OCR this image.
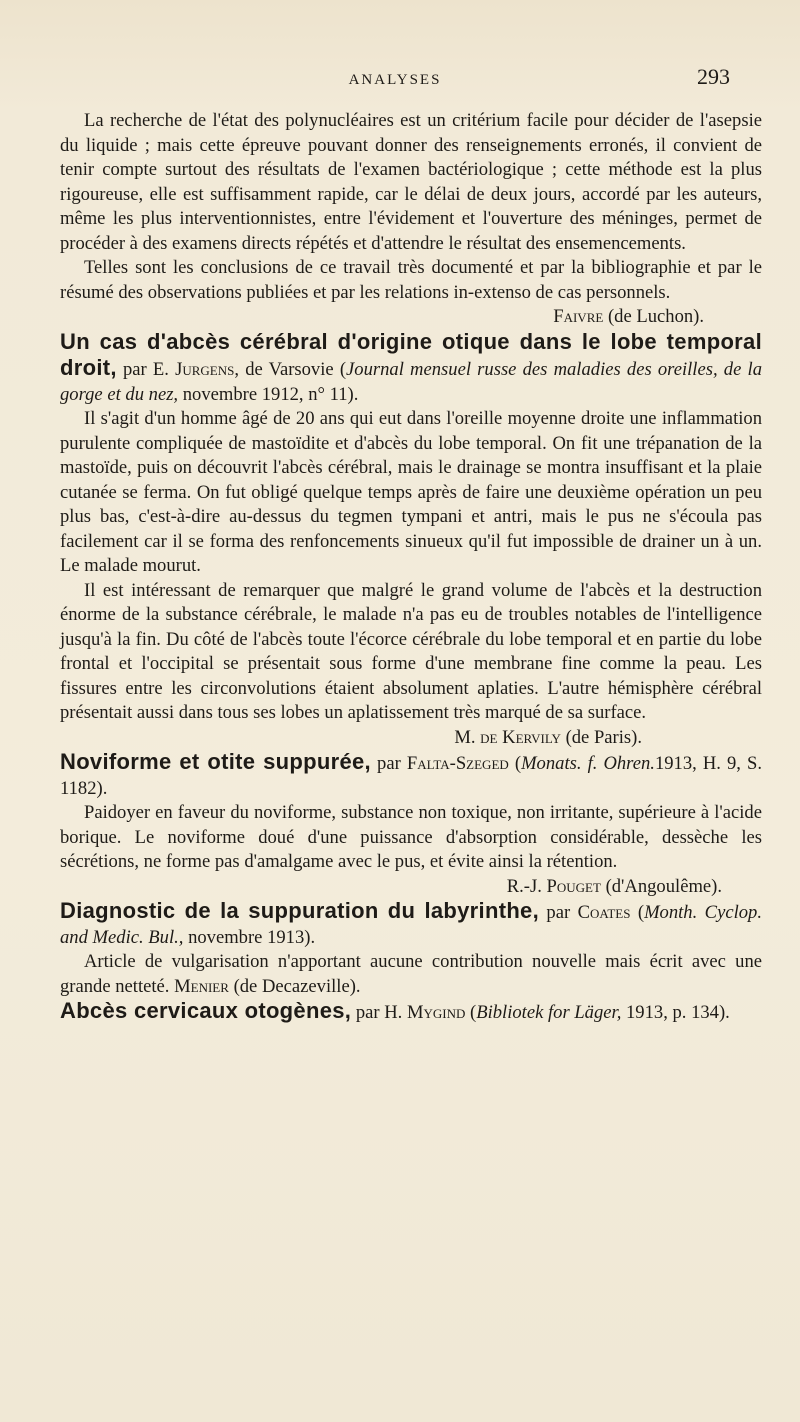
ANALYSES	293

La recherche de l'état des polynucléaires est un critérium facile pour décider de l'asepsie du liquide ; mais cette épreuve pouvant donner des renseignements erronés, il convient de tenir compte surtout des résultats de l'examen bactériologique ; cette méthode est la plus rigoureuse, elle est suffisamment rapide, car le délai de deux jours, accordé par les auteurs, même les plus interventionnistes, entre l'évidement et l'ouverture des méninges, permet de procéder à des examens directs répétés et d'attendre le résultat des ensemencements.

Telles sont les conclusions de ce travail très documenté et par la bibliographie et par le résumé des observations publiées et par les relations in-extenso de cas personnels.

Faivre (de Luchon).

Un cas d'abcès cérébral d'origine otique dans le lobe temporal droit, par E. Jurgens, de Varsovie (Journal mensuel russe des maladies des oreilles, de la gorge et du nez, novembre 1912, n° 11).

Il s'agit d'un homme âgé de 20 ans qui eut dans l'oreille moyenne droite une inflammation purulente compliquée de mastoïdite et d'abcès du lobe temporal. On fit une trépanation de la mastoïde, puis on découvrit l'abcès cérébral, mais le drainage se montra insuffisant et la plaie cutanée se ferma. On fut obligé quelque temps après de faire une deuxième opération un peu plus bas, c'est-à-dire au-dessus du tegmen tympani et antri, mais le pus ne s'écoula pas facilement car il se forma des renfoncements sinueux qu'il fut impossible de drainer un à un. Le malade mourut.

Il est intéressant de remarquer que malgré le grand volume de l'abcès et la destruction énorme de la substance cérébrale, le malade n'a pas eu de troubles notables de l'intelligence jusqu'à la fin. Du côté de l'abcès toute l'écorce cérébrale du lobe temporal et en partie du lobe frontal et l'occipital se présentait sous forme d'une membrane fine comme la peau. Les fissures entre les circonvolutions étaient absolument aplaties. L'autre hémisphère cérébral présentait aussi dans tous ses lobes un aplatissement très marqué de sa surface.

M. de Kervily (de Paris).

Noviforme et otite suppurée, par Falta-Szeged (Monats. f. Ohren.1913, H. 9, S. 1182).

Paidoyer en faveur du noviforme, substance non toxique, non irritante, supérieure à l'acide borique. Le noviforme doué d'une puissance d'absorption considérable, dessèche les sécrétions, ne forme pas d'amalgame avec le pus, et évite ainsi la rétention.

R.-J. Pouget (d'Angoulême).

Diagnostic de la suppuration du labyrinthe, par Coates (Month. Cyclop. and Medic. Bul., novembre 1913).

Article de vulgarisation n'apportant aucune contribution nouvelle mais écrit avec une grande netteté. Menier (de Decazeville).

Abcès cervicaux otogènes, par H. Mygind (Bibliotek for Läger, 1913, p. 134).
